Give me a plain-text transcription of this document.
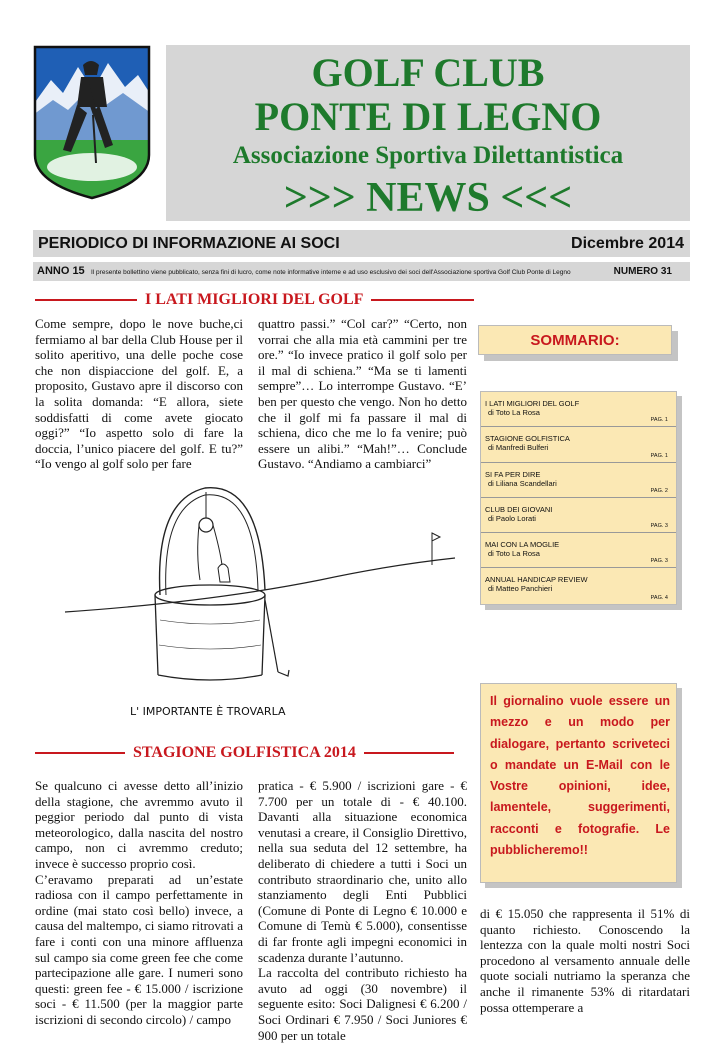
GOLF CLUB
PONTE DI LEGNO
Associazione Sportiva Dilettantistica
>>> NEWS <<<
PERIODICO DI INFORMAZIONE AI SOCI	Dicembre 2014
ANNO 15 Il presente bollettino viene pubblicato, senza fini di lucro, come note informative interne e ad uso esclusivo dei soci dell'Associazione sportiva Golf Club Ponte di Legno	NUMERO 31
I LATI MIGLIORI DEL GOLF
Come sempre, dopo le nove buche,ci fermiamo al bar della Club House per il solito aperitivo, una delle poche cose che non dispiaccione del golf. E, a proposito, Gustavo apre il discorso con la solita domanda: “E allora, siete soddisfatti di come avete giocato oggi?” “Io aspetto solo di fare la doccia, l’unico piacere del golf. E tu?” “Io vengo al golf solo per fare
quattro passi.” “Col car?” “Certo, non vorrai che alla mia età cammini per tre ore.” “Io invece pratico il golf solo per il mal di schiena.” “Ma se ti lamenti sempre”… Lo interrompe Gustavo. “E’ ben per questo che vengo. Non ho detto che il golf mi fa passare il mal di schiena, dico che me lo fa venire; può essere un alibi.” “Mah!”… Conclude Gustavo. “Andiamo a cambiarci”
L' IMPORTANTE È TROVARLA
STAGIONE GOLFISTICA 2014
Se qualcuno ci avesse detto all’inizio della stagione, che avremmo avuto il peggior periodo dal punto di vista meteorologico, dalla nascita del nostro campo, non ci avremmo creduto; invece è successo proprio così.
C’eravamo preparati ad un’estate radiosa con il campo perfettamente in ordine (mai stato così bello) invece, a causa del maltempo, ci siamo ritrovati a fare i conti con una minore affluenza sul campo sia come green fee che come partecipazione alle gare. I numeri sono questi: green fee - € 15.000 / iscrizione soci - € 11.500 (per la maggior parte iscrizioni di secondo circolo) / campo
pratica - € 5.900 / iscrizioni gare - € 7.700 per un totale di - € 40.100. Davanti alla situazione economica venutasi a creare, il Consiglio Direttivo, nella sua seduta del 12 settembre, ha deliberato di chiedere a tutti i Soci un contributo straordinario che, unito allo stanziamento degli Enti Pubblici (Comune di Ponte di Legno € 10.000 e Comune di Temù € 5.000), consentisse di far fronte agli impegni economici in scadenza durante l’autunno.
La raccolta del contributo richiesto ha avuto ad oggi (30 novembre) il seguente esito: Soci Dalignesi € 6.200 / Soci Ordinari € 7.950 / Soci Juniores € 900 per un totale
di € 15.050 che rappresenta il 51% di quanto richiesto. Conoscendo la lentezza con la quale molti nostri Soci procedono al versamento annuale delle quote sociali nutriamo la speranza che anche il rimanente 53% di ritardatari possa ottemperare a
SOMMARIO:
I LATI MIGLIORI DEL GOLF
di Toto La Rosa
PAG. 1
STAGIONE GOLFISTICA
di Manfredi Bulferi
PAG. 1
SI FA PER DIRE
di Liliana Scandellari
PAG. 2
CLUB DEI GIOVANI
di Paolo Lorati
PAG. 3
MAI CON LA MOGLIE
di Toto La Rosa
PAG. 3
ANNUAL HANDICAP REVIEW
di Matteo Panchieri
PAG. 4
Il giornalino vuole essere un mezzo e un modo per dialogare, pertanto scriveteci o mandate un E-Mail con le Vostre opinioni, idee, lamentele, suggerimenti, racconti e fotografie. Le pubblicheremo!!
